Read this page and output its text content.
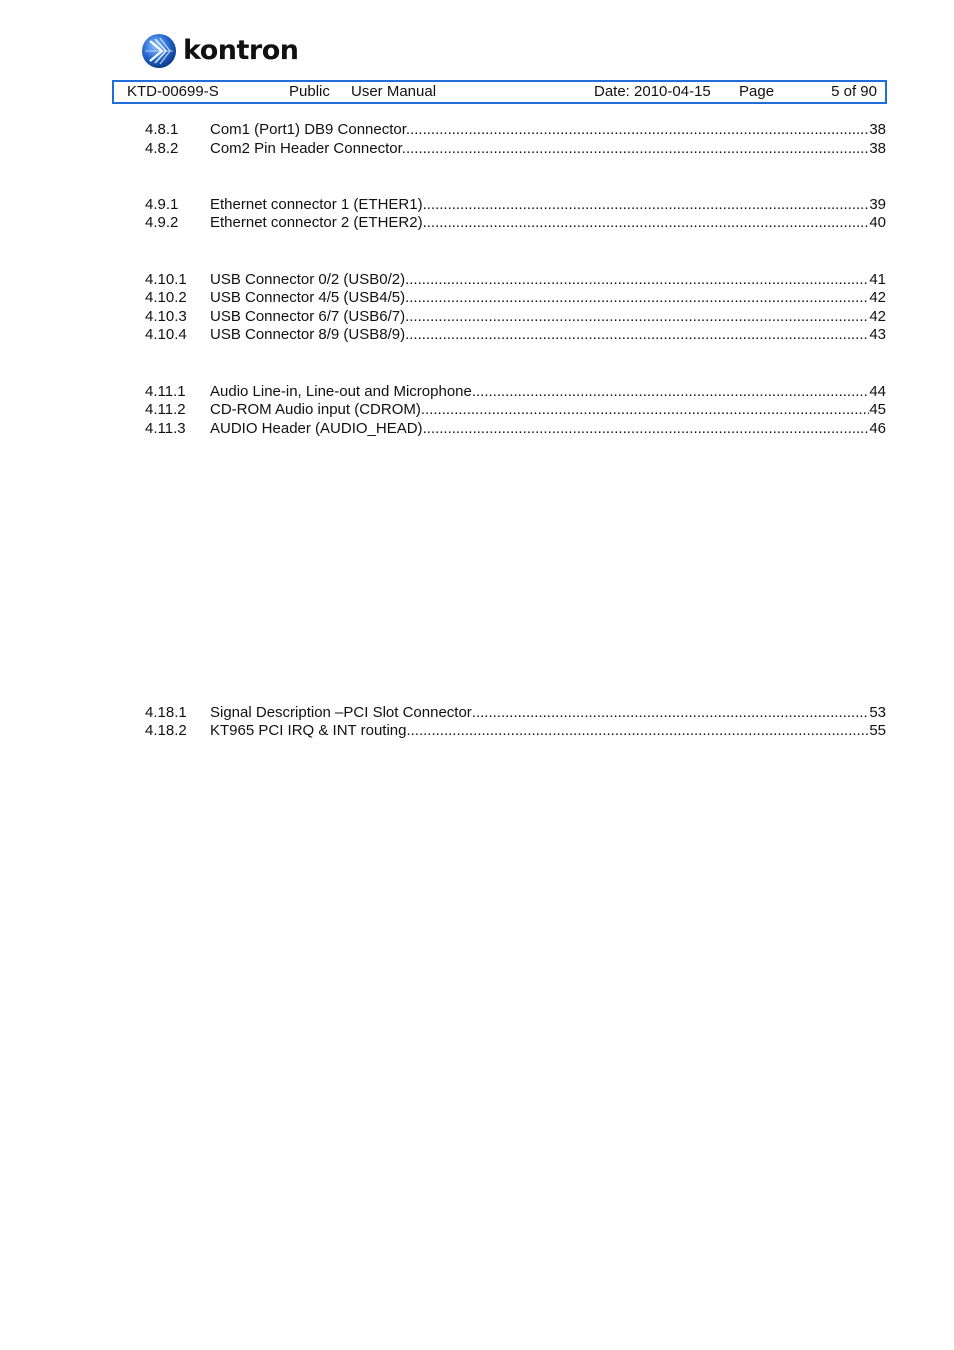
kontron
KTD-00699-S	Public User Manual	Date: 2010-04-15 Page	5 of 90
4.8.1	Com1 (Port1) DB9 Connector. .....	38
4.8.2	Com2 Pin Header Connector. .....	38
4.9.1	Ethernet connector 1 (ETHER1) .....	39
4.9.2	Ethernet connector 2 (ETHER2) .....	40
4.10.1	USB Connector 0/2 (USB0/2) .....	41
4.10.2	USB Connector 4/5 (USB4/5) .....	42
4.10.3	USB Connector 6/7 (USB6/7) .....	42
4.10.4	USB Connector 8/9 (USB8/9) .....	43
4.11.1	Audio Line-in, Line-out and Microphone .....	44
4.11.2	CD-ROM Audio input (CDROM) .....	45
4.11.3	AUDIO Header (AUDIO_HEAD) .....	46
4.18.1	Signal Description –PCI Slot Connector .....	53
4.18.2	KT965 PCI IRQ & INT routing .....	55
